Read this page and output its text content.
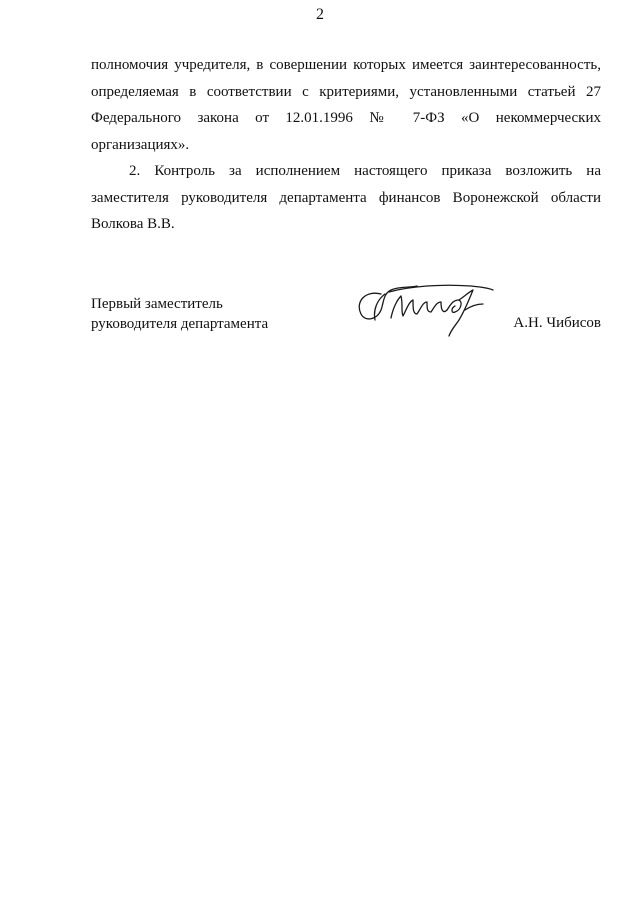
2

полномочия учредителя, в совершении которых имеется заинтересованность, определяемая в соответствии с критериями, установленными статьей 27 Федерального закона от 12.01.1996 № 7-ФЗ «О некоммерческих организациях».

2. Контроль за исполнением настоящего приказа возложить на заместителя руководителя департамента финансов Воронежской области Волкова В.В.

Первый заместитель
руководителя департамента	А.Н. Чибисов
